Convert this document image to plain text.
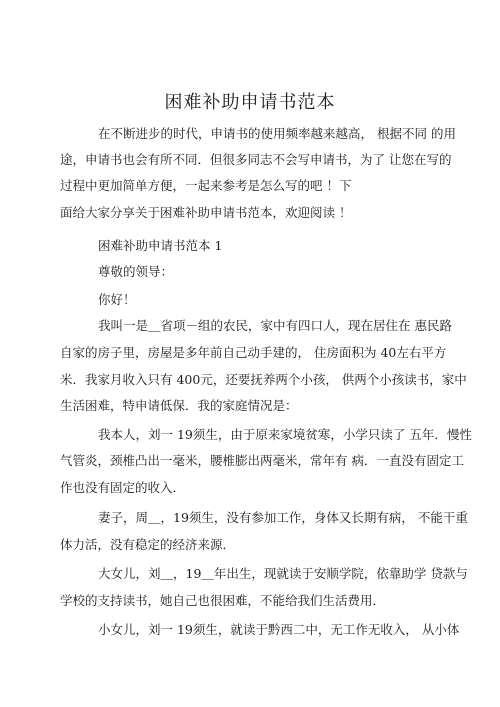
困难补助申请书范本
在不断进步的时代，申请书的使用频率越来越高， 根据不同 的用
途，申请书也会有所不同．但很多同志不会写申请书，为了 让您在写的
过程中更加简单方便，一起来参考是怎么写的吧 ！下
面给大家分享关于困难补助申请书范本，欢迎阅读 ！
困难补助申请书范本 1
尊敬的领导：
你好！
我叫一是＿省项－组的农民，家中有四口人，现在居住在 惠民路
自家的房子里，房屋是多年前自己动手建的， 住房面积为 40左右平方
米．我家月收入只有 400元，还要抚养两个小孩， 供两个小孩读书，家中
生活困难，特申请低保．我的家庭情况是：
我本人，刘一 19须生，由于原来家境贫寒，小学只读了 五年．慢性
气管炎，颈椎凸出一毫米，腰椎膨出两毫米，常年有 病．一直没有固定工
作也没有固定的收入．
妻子，周＿，19须生，没有参加工作，身体又长期有病， 不能干重
体力活，没有稳定的经济来源．
大女儿，刘＿，19＿年出生，现就读于安顺学院，依靠助学 贷款与
学校的支持读书，她自己也很困难，不能给我们生活费用．
小女儿，刘一 19须生，就读于黔西二中，无工作无收入， 从小体
